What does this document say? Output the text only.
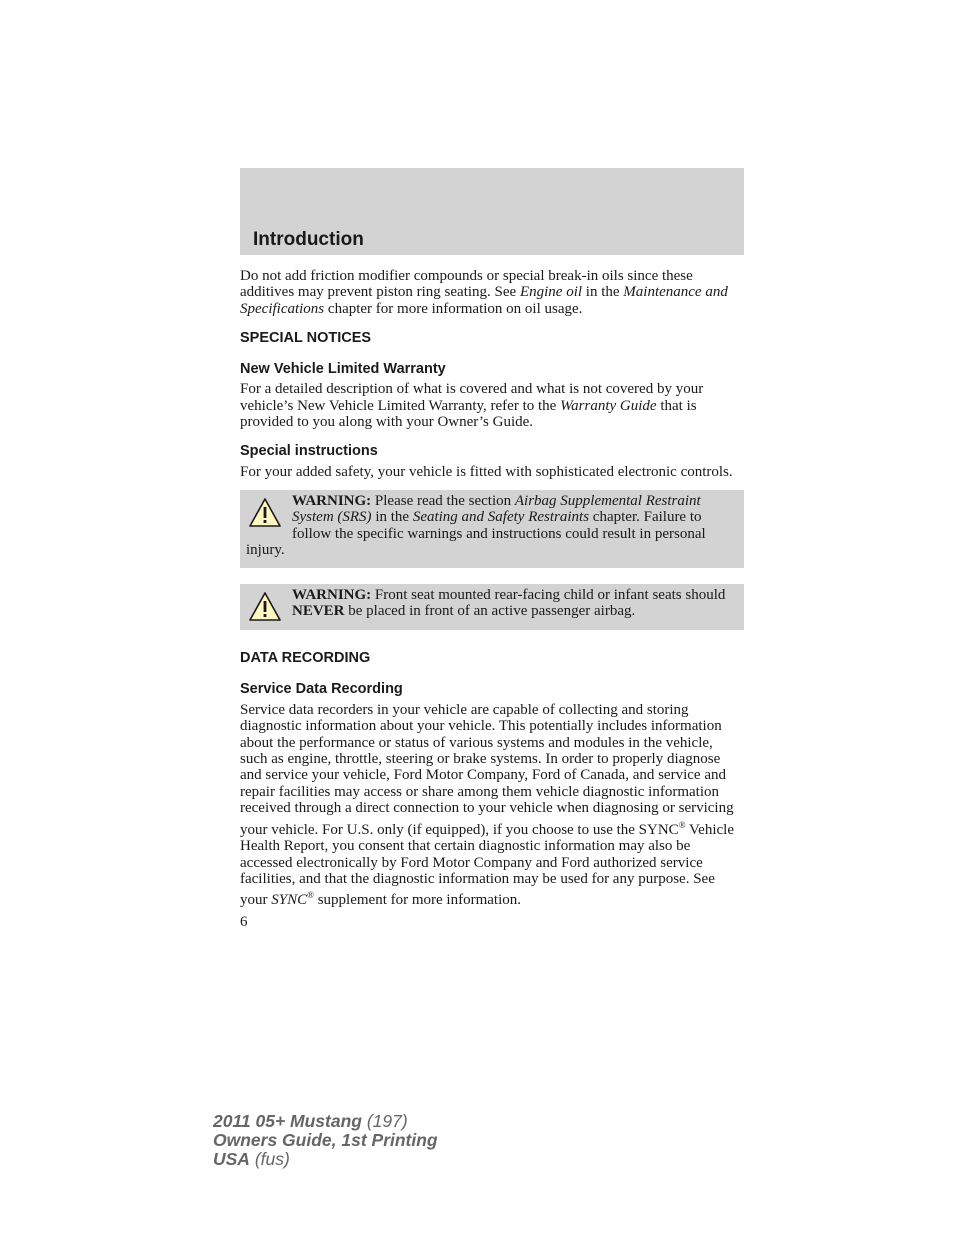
Introduction

Do not add friction modifier compounds or special break-in oils since these additives may prevent piston ring seating. See Engine oil in the Maintenance and Specifications chapter for more information on oil usage.

SPECIAL NOTICES
New Vehicle Limited Warranty

For a detailed description of what is covered and what is not covered by your vehicle’s New Vehicle Limited Warranty, refer to the Warranty Guide that is provided to you along with your Owner’s Guide.

Special instructions

For your added safety, your vehicle is fitted with sophisticated electronic controls.

WARNING: Please read the section Airbag Supplemental Restraint System (SRS) in the Seating and Safety Restraints chapter. Failure to follow the specific warnings and instructions could result in personal injury.
WARNING: Front seat mounted rear-facing child or infant seats should NEVER be placed in front of an active passenger airbag.
DATA RECORDING
Service Data Recording

Service data recorders in your vehicle are capable of collecting and storing diagnostic information about your vehicle. This potentially includes information about the performance or status of various systems and modules in the vehicle, such as engine, throttle, steering or brake systems. In order to properly diagnose and service your vehicle, Ford Motor Company, Ford of Canada, and service and repair facilities may access or share among them vehicle diagnostic information received through a direct connection to your vehicle when diagnosing or servicing your vehicle. For U.S. only (if equipped), if you choose to use the SYNC® Vehicle Health Report, you consent that certain diagnostic information may also be accessed electronically by Ford Motor Company and Ford authorized service facilities, and that the diagnostic information may be used for any purpose. See your SYNC® supplement for more information.

6
2011 05+ Mustang (197)
Owners Guide, 1st Printing
USA (fus)
